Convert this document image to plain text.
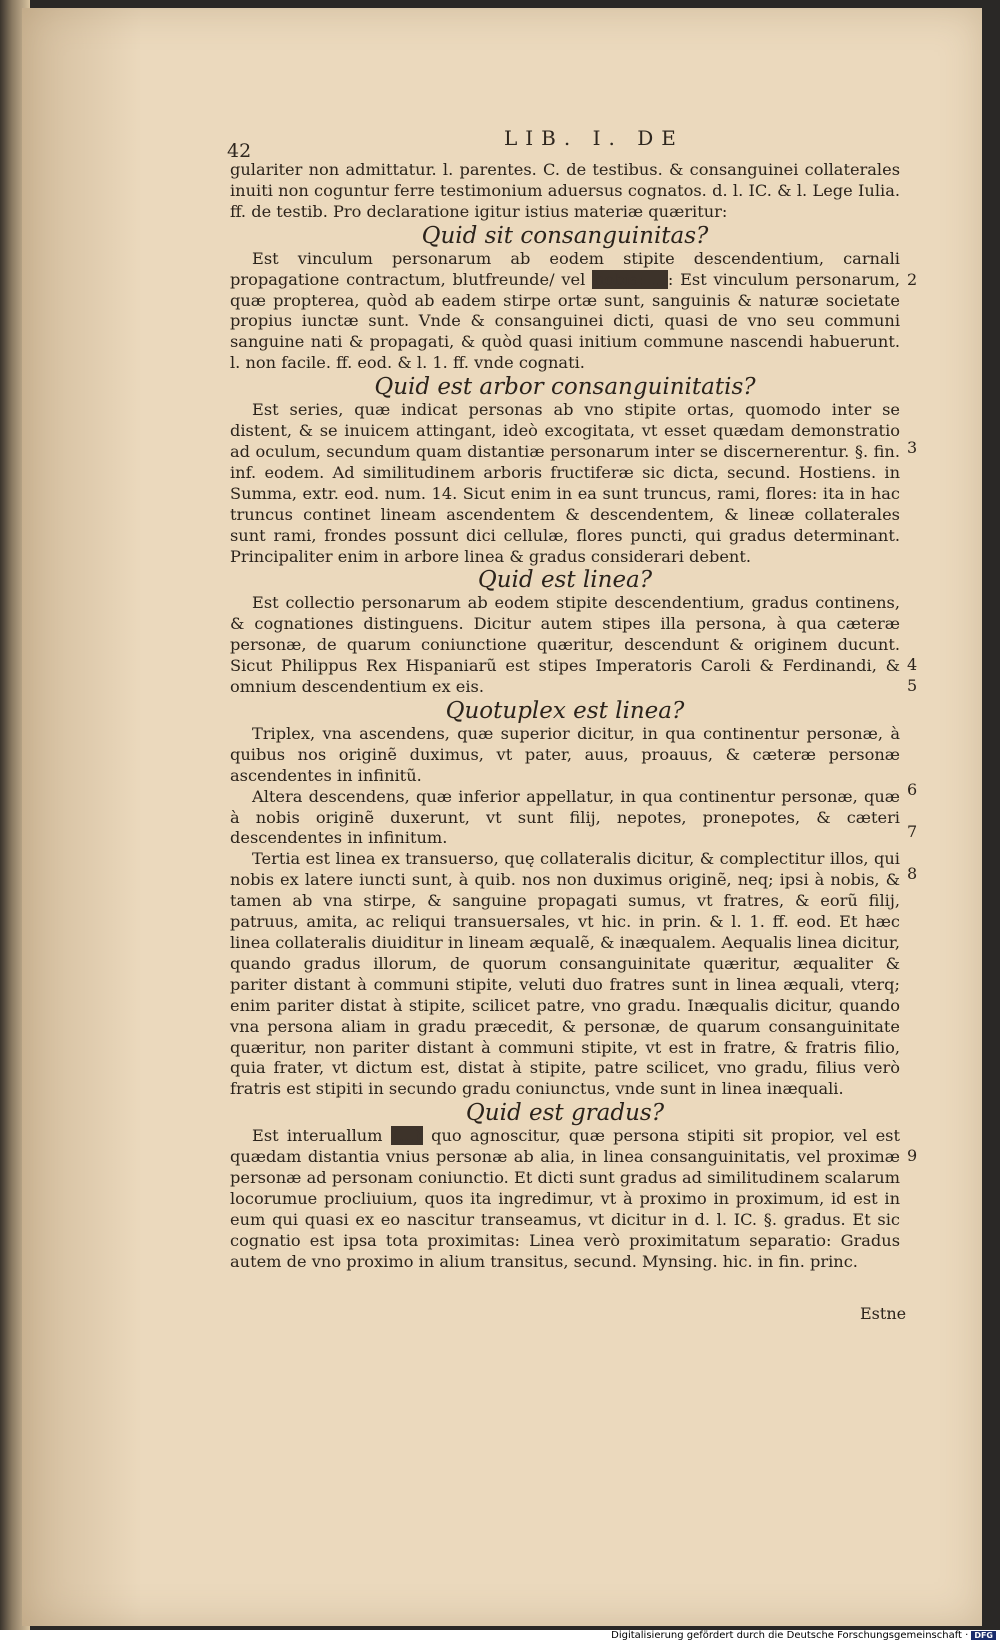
42
LIB. I. DE

gulariter non admittatur. l. parentes. C. de testibus. & consanguinei collaterales inuiti non coguntur ferre testimonium aduersus cognatos. d. l. IC. & l. Lege Iulia. ff. de testib. Pro declaratione igitur istius materiæ quæritur:

Quid sit consanguinitas?

Est vinculum personarum ab eodem stipite descendentium, carnali propagatione contractum, blutfreunde/ vel nobis: ... : Est vinculum personarum, quæ propterea, quòd ab eadem stirpe ortæ sunt, sanguinis & naturæ societate propius iunctæ sunt. Vnde & consanguinei dicti, quasi de vno seu communi sanguine nati & propagati, & quòd quasi initium commune nascendi habuerunt. l. non facile. ff. eod. & l. 1. ff. vnde cognati.

Quid est arbor consanguinitatis?

Est series, quæ indicat personas ab vno stipite ortas, quomodo inter se distent, & se inuicem attingant, ideò excogitata, vt esset quædam demonstratio ad oculum, secundum quam distantiæ personarum inter se discernerentur. §. fin. inf. eodem. Ad similitudinem arboris fructiferæ sic dicta, secund. Hostiens. in Summa, extr. eod. num. 14. Sicut enim in ea sunt truncus, rami, flores: ita in hac truncus continet lineam ascendentem & descendentem, & lineæ collaterales sunt rami, frondes possunt dici cellulæ, flores puncti, qui gradus determinant. Principaliter enim in arbore linea & gradus considerari debent.

Quid est linea?

Est collectio personarum ab eodem stipite descendentium, gradus continens, & cognationes distinguens. Dicitur autem stipes illa persona, à qua cæteræ personæ, de quarum coniunctione quæritur, descendunt & originem ducunt. Sicut Philippus Rex Hispaniarũ est stipes Imperatoris Caroli & Ferdinandi, & omnium descendentium ex eis.

Quotuplex est linea?

Triplex, vna ascendens, quæ superior dicitur, in qua continentur personæ, à quibus nos originẽ duximus, vt pater, auus, proauus, & cæteræ personæ ascendentes in infinitũ.

Altera descendens, quæ inferior appellatur, in qua continentur personæ, quæ à nobis originẽ duxerunt, vt sunt filij, nepotes, pronepotes, & cæteri descendentes in infinitum.

Tertia est linea ex transuerso, quę collateralis dicitur, & complectitur illos, qui nobis ex latere iuncti sunt, à quib. nos non duximus originẽ, neq; ipsi à nobis, & tamen ab vna stirpe, & sanguine propagati sumus, vt fratres, & eorũ filij, patruus, amita, ac reliqui transuersales, vt hic. in prin. & l. 1. ff. eod. Et hæc linea collateralis diuiditur in lineam æqualẽ, & inæqualem. Aequalis linea dicitur, quando gradus illorum, de quorum consanguinitate quæritur, æqualiter & pariter distant à communi stipite, veluti duo fratres sunt in linea æquali, vterq; enim pariter distat à stipite, scilicet patre, vno gradu. Inæqualis dicitur, quando vna persona aliam in gradu præcedit, & personæ, de quarum consanguinitate quæritur, non pariter distant à communi stipite, vt est in fratre, & fratris filio, quia frater, vt dictum est, distat à stipite, patre scilicet, vno gradu, filius verò fratris est stipiti in secundo gradu coniunctus, vnde sunt in linea inæquali.

Quid est gradus?

Est interuallum (...) quo agnoscitur, quæ persona stipiti sit propior, vel est quædam distantia vnius personæ ab alia, in linea consanguinitatis, vel proximæ personæ ad personam coniunctio. Et dicti sunt gradus ad similitudinem scalarum locorumue procliuium, quos ita ingredimur, vt à proximo in proximum, id est in eum qui quasi ex eo nascitur transeamus, vt dicitur in d. l. IC. §. gradus. Et sic cognatio est ipsa tota proximitas: Linea verò proximitatum separatio: Gradus autem de vno proximo in alium transitus, secund. Mynsing. hic. in fin. princ.

2
3
4
5
6
7
8
9
Estne
Digitalisierung gefördert durch die Deutsche Forschungsgemeinschaft · DFG
